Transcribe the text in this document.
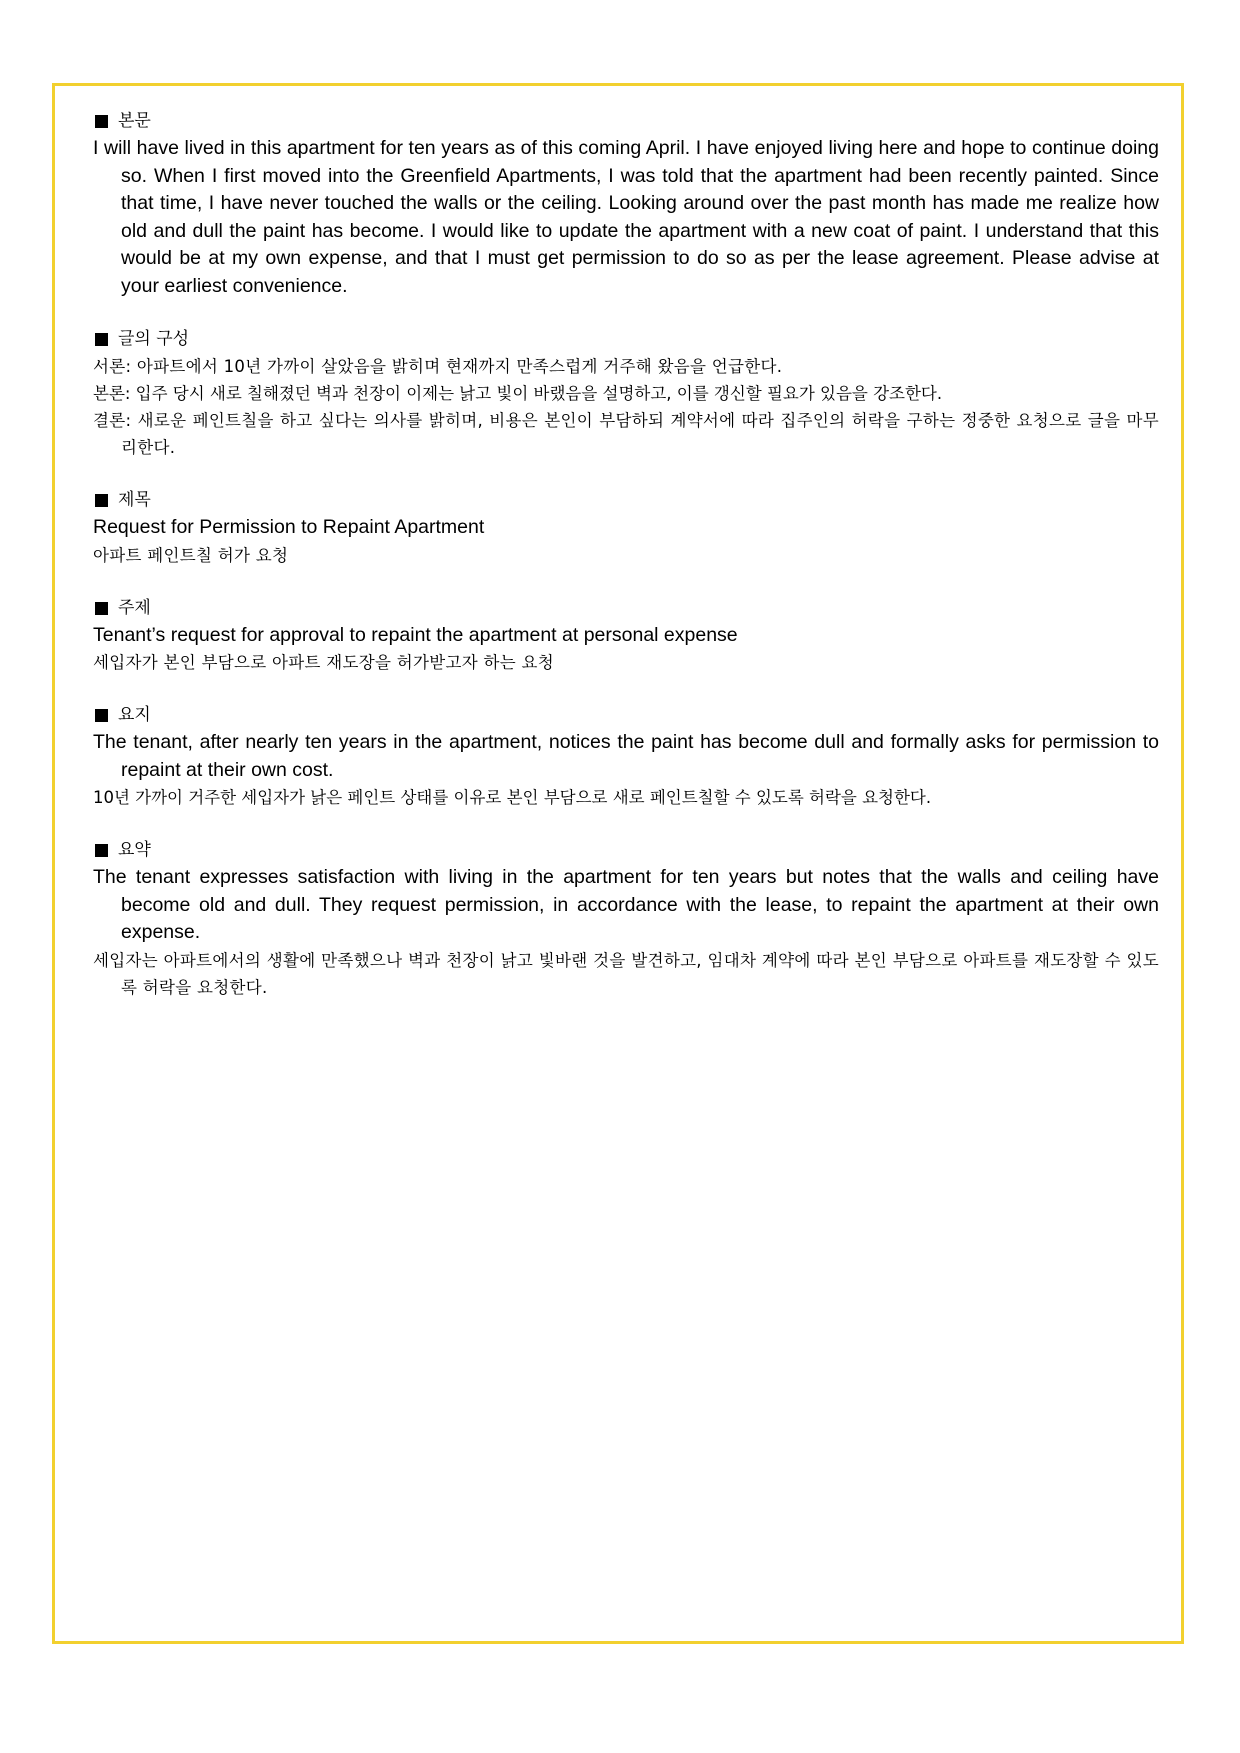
본문

I will have lived in this apartment for ten years as of this coming April. I have enjoyed living here and hope to continue doing so. When I first moved into the Greenfield Apartments, I was told that the apartment had been recently painted. Since that time, I have never touched the walls or the ceiling. Looking around over the past month has made me realize how old and dull the paint has become. I would like to update the apartment with a new coat of paint. I understand that this would be at my own expense, and that I must get permission to do so as per the lease agreement. Please advise at your earliest convenience.

글의 구성

서론: 아파트에서 10년 가까이 살았음을 밝히며 현재까지 만족스럽게 거주해 왔음을 언급한다.

본론: 입주 당시 새로 칠해졌던 벽과 천장이 이제는 낡고 빛이 바랬음을 설명하고, 이를 갱신할 필요가 있음을 강조한다.

결론: 새로운 페인트칠을 하고 싶다는 의사를 밝히며, 비용은 본인이 부담하되 계약서에 따라 집주인의 허락을 구하는 정중한 요청으로 글을 마무리한다.

제목

Request for Permission to Repaint Apartment

아파트 페인트칠 허가 요청

주제

Tenant’s request for approval to repaint the apartment at personal expense

세입자가 본인 부담으로 아파트 재도장을 허가받고자 하는 요청

요지

The tenant, after nearly ten years in the apartment, notices the paint has become dull and formally asks for permission to repaint at their own cost.

10년 가까이 거주한 세입자가 낡은 페인트 상태를 이유로 본인 부담으로 새로 페인트칠할 수 있도록 허락을 요청한다.

요약

The tenant expresses satisfaction with living in the apartment for ten years but notes that the walls and ceiling have become old and dull. They request permission, in accordance with the lease, to repaint the apartment at their own expense.

세입자는 아파트에서의 생활에 만족했으나 벽과 천장이 낡고 빛바랜 것을 발견하고, 임대차 계약에 따라 본인 부담으로 아파트를 재도장할 수 있도록 허락을 요청한다.
